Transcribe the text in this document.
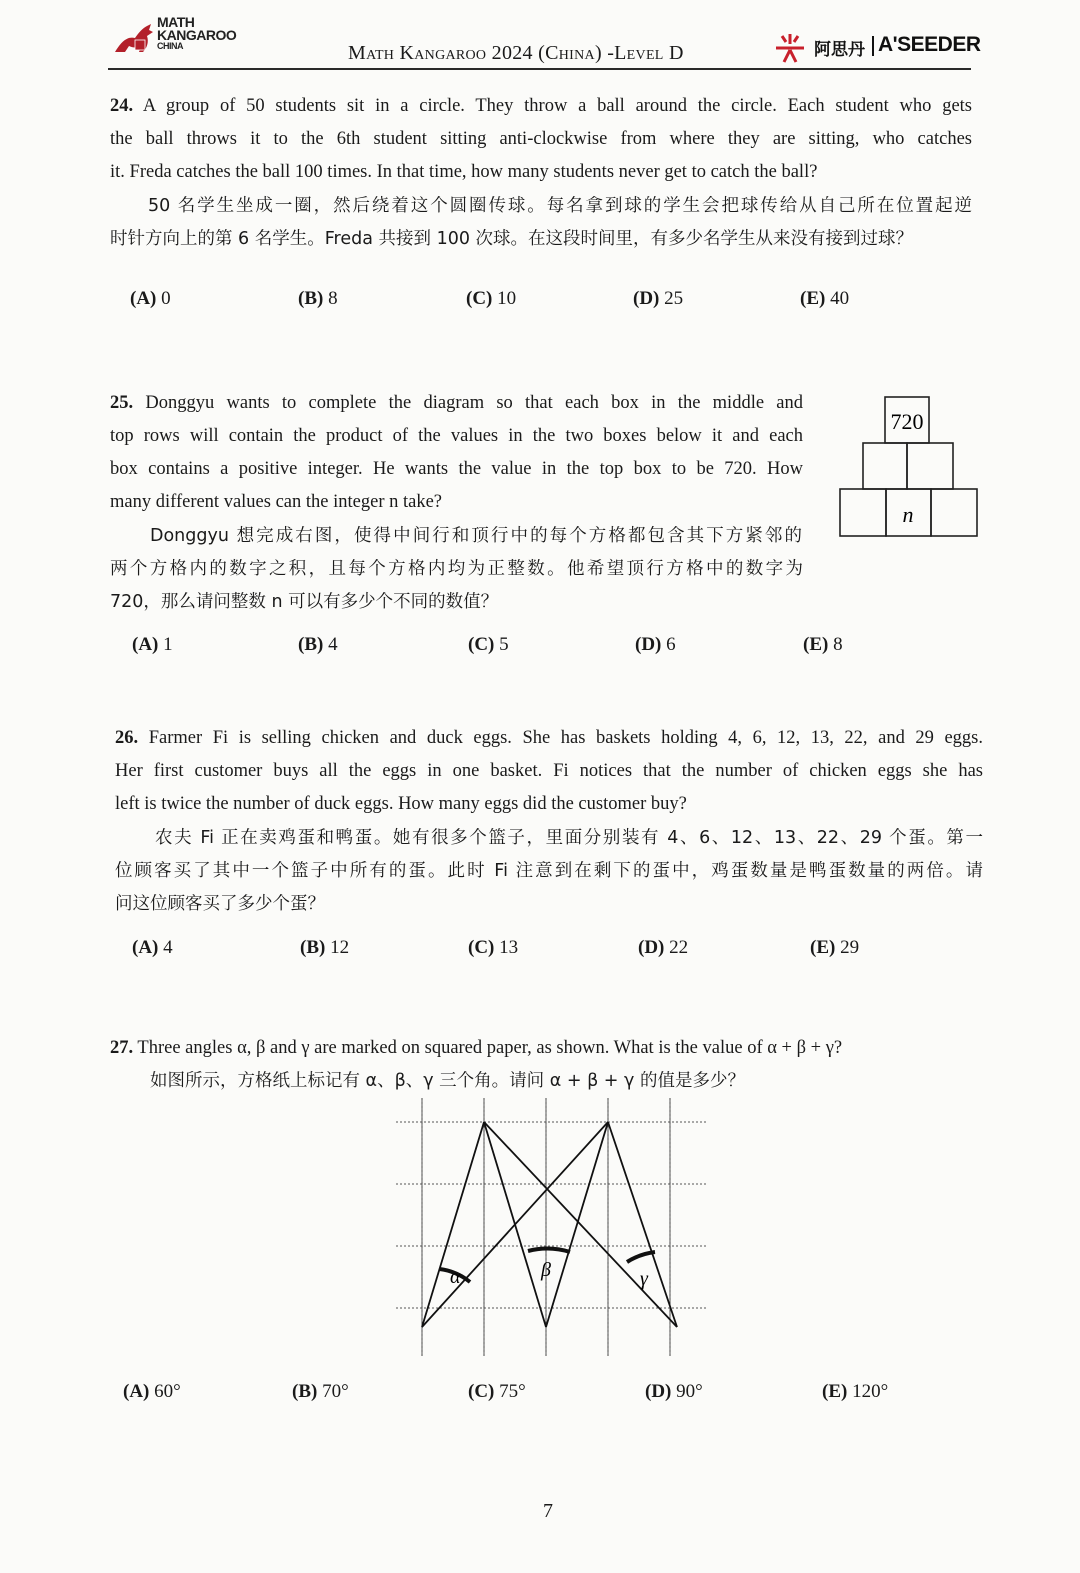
MATH
KANGAROO
CHINA	Math Kangaroo 2024 (China) -Level D	阿思丹 A'SEEDER
24. A group of 50 students sit in a circle. They throw a ball around the circle. Each student who gets
the ball throws it to the 6th student sitting anti-clockwise from where they are sitting, who catches
it. Freda catches the ball 100 times. In that time, how many students never get to catch the ball?
50 名学生坐成一圈，然后绕着这个圆圈传球。每名拿到球的学生会把球传给从自己所在位置起逆
时针方向上的第 6 名学生。Freda 共接到 100 次球。在这段时间里，有多少名学生从来没有接到过球？
(A) 0	(B) 8	(C) 10	(D) 25	(E) 40
25. Donggyu wants to complete the diagram so that each box in the middle and
top rows will contain the product of the values in the two boxes below it and each
box contains a positive integer. He wants the value in the top box to be 720. How
many different values can the integer n take?
Donggyu 想完成右图，使得中间行和顶行中的每个方格都包含其下方紧邻的
两个方格内的数字之积，且每个方格内均为正整数。他希望顶行方格中的数字为
720，那么请问整数 n 可以有多少个不同的数值？
720
n
(A) 1	(B) 4	(C) 5	(D) 6	(E) 8
26. Farmer Fi is selling chicken and duck eggs. She has baskets holding 4, 6, 12, 13, 22, and 29 eggs.
Her first customer buys all the eggs in one basket. Fi notices that the number of chicken eggs she has
left is twice the number of duck eggs. How many eggs did the customer buy?
农夫 Fi 正在卖鸡蛋和鸭蛋。她有很多个篮子，里面分别装有 4、6、12、13、22、29 个蛋。第一
位顾客买了其中一个篮子中所有的蛋。此时 Fi 注意到在剩下的蛋中，鸡蛋数量是鸭蛋数量的两倍。请
问这位顾客买了多少个蛋？
(A) 4	(B) 12	(C) 13	(D) 22	(E) 29
27. Three angles α, β and γ are marked on squared paper, as shown. What is the value of α + β + γ?
如图所示，方格纸上标记有 α、β、γ 三个角。请问 α + β + γ 的值是多少？
α	β	γ
(A) 60°	(B) 70°	(C) 75°	(D) 90°	(E) 120°
7
